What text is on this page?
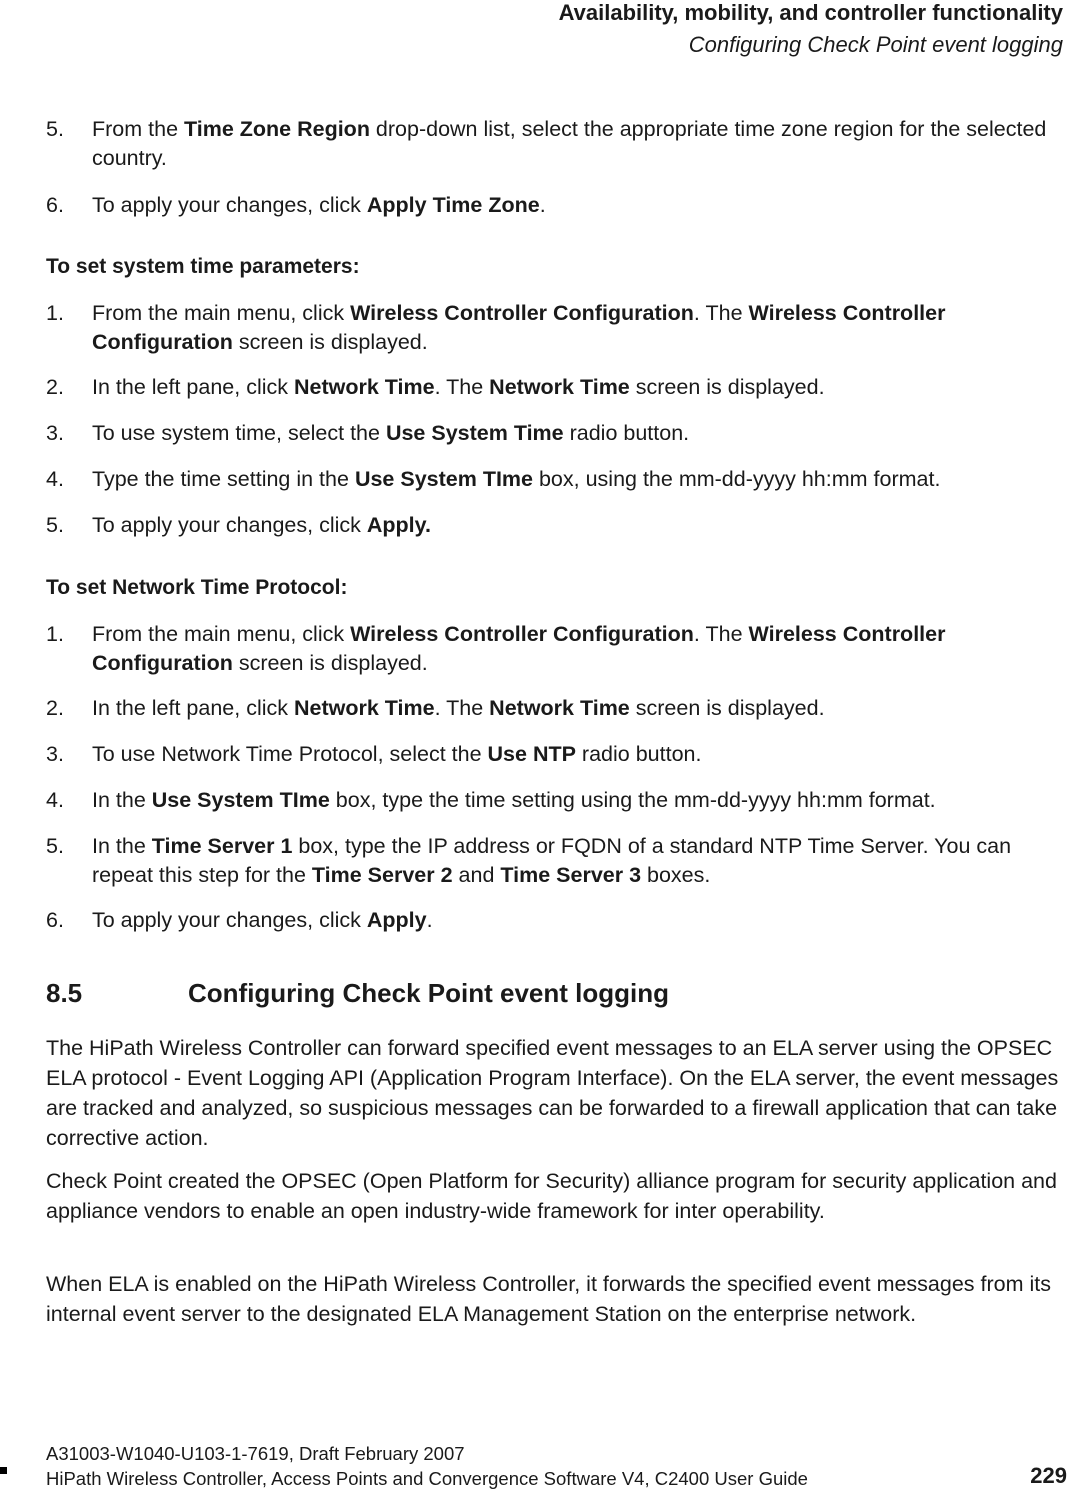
Availability, mobility, and controller functionality
Configuring Check Point event logging
5. From the Time Zone Region drop-down list, select the appropriate time zone region for the selected country.
6. To apply your changes, click Apply Time Zone.
To set system time parameters:
1. From the main menu, click Wireless Controller Configuration. The Wireless Controller Configuration screen is displayed.
2. In the left pane, click Network Time. The Network Time screen is displayed.
3. To use system time, select the Use System Time radio button.
4. Type the time setting in the Use System TIme box, using the mm-dd-yyyy hh:mm format.
5. To apply your changes, click Apply.
To set Network Time Protocol:
1. From the main menu, click Wireless Controller Configuration. The Wireless Controller Configuration screen is displayed.
2. In the left pane, click Network Time. The Network Time screen is displayed.
3. To use Network Time Protocol, select the Use NTP radio button.
4. In the Use System TIme box, type the time setting using the mm-dd-yyyy hh:mm format.
5. In the Time Server 1 box, type the IP address or FQDN of a standard NTP Time Server. You can repeat this step for the Time Server 2 and Time Server 3 boxes.
6. To apply your changes, click Apply.
8.5	Configuring Check Point event logging
The HiPath Wireless Controller can forward specified event messages to an ELA server using the OPSEC ELA protocol - Event Logging API (Application Program Interface). On the ELA server, the event messages are tracked and analyzed, so suspicious messages can be forwarded to a firewall application that can take corrective action.
Check Point created the OPSEC (Open Platform for Security) alliance program for security application and appliance vendors to enable an open industry-wide framework for inter operability.
When ELA is enabled on the HiPath Wireless Controller, it forwards the specified event messages from its internal event server to the designated ELA Management Station on the enterprise network.
A31003-W1040-U103-1-7619, Draft February 2007
HiPath Wireless Controller, Access Points and Convergence Software V4, C2400 User Guide	229
